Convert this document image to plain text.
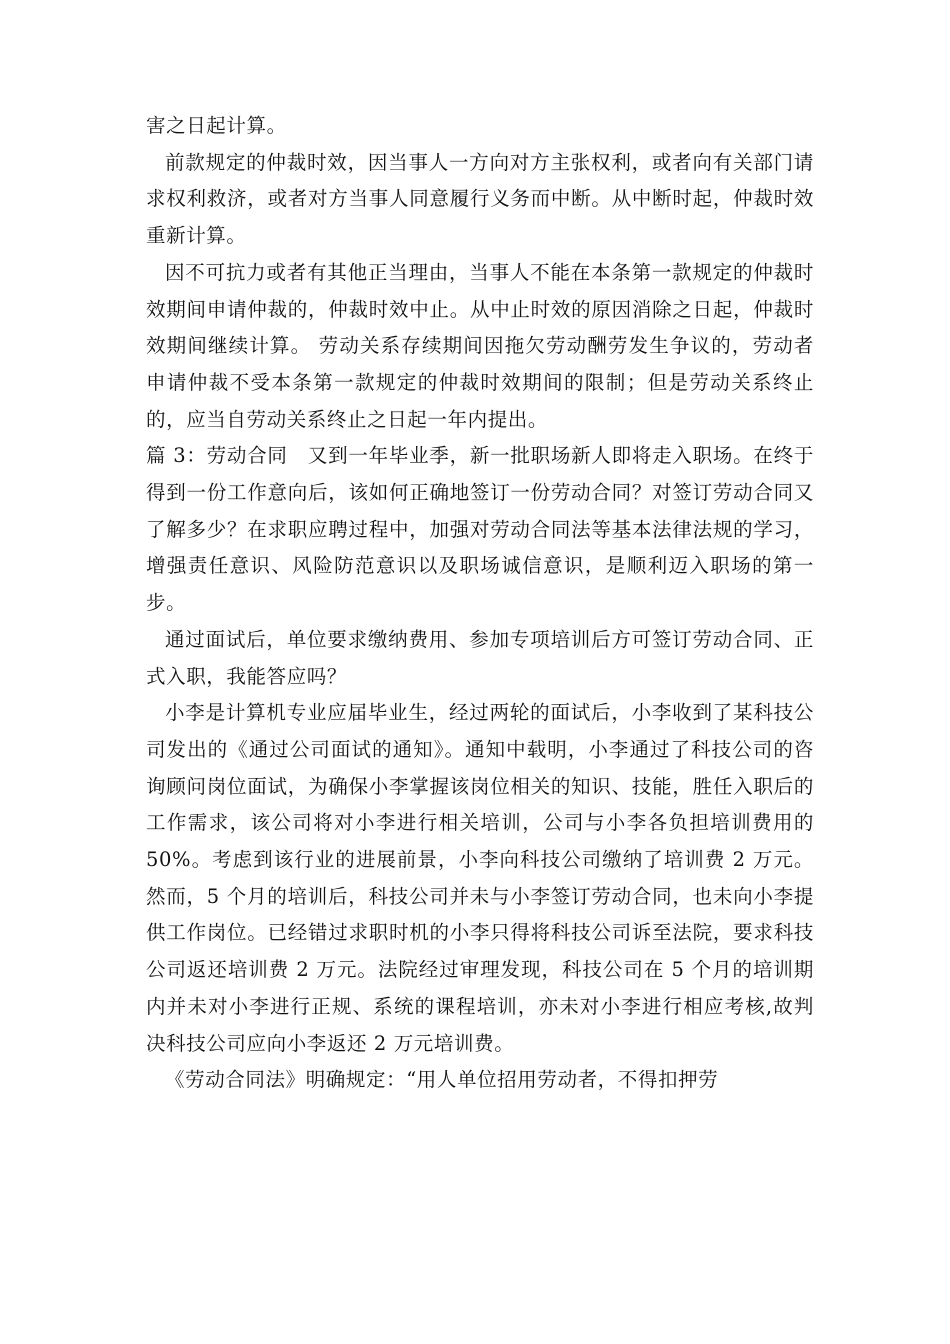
害之日起计算。

前款规定的仲裁时效，因当事人一方向对方主张权利，或者向有关部门请求权利救济，或者对方当事人同意履行义务而中断。从中断时起，仲裁时效重新计算。

因不可抗力或者有其他正当理由，当事人不能在本条第一款规定的仲裁时效期间申请仲裁的，仲裁时效中止。从中止时效的原因消除之日起，仲裁时效期间继续计算。 劳动关系存续期间因拖欠劳动酬劳发生争议的，劳动者申请仲裁不受本条第一款规定的仲裁时效期间的限制；但是劳动关系终止的，应当自劳动关系终止之日起一年内提出。

篇 3：劳动合同　又到一年毕业季，新一批职场新人即将走入职场。在终于得到一份工作意向后，该如何正确地签订一份劳动合同？对签订劳动合同又了解多少？在求职应聘过程中，加强对劳动合同法等基本法律法规的学习，增强责任意识、风险防范意识以及职场诚信意识，是顺利迈入职场的第一步。

通过面试后，单位要求缴纳费用、参加专项培训后方可签订劳动合同、正式入职，我能答应吗？

小李是计算机专业应届毕业生，经过两轮的面试后，小李收到了某科技公司发出的《通过公司面试的通知》。通知中载明，小李通过了科技公司的咨询顾问岗位面试，为确保小李掌握该岗位相关的知识、技能，胜任入职后的工作需求，该公司将对小李进行相关培训，公司与小李各负担培训费用的 50%。考虑到该行业的进展前景，小李向科技公司缴纳了培训费 2 万元。然而，5 个月的培训后，科技公司并未与小李签订劳动合同，也未向小李提供工作岗位。已经错过求职时机的小李只得将科技公司诉至法院，要求科技公司返还培训费 2 万元。法院经过审理发现，科技公司在 5 个月的培训期内并未对小李进行正规、系统的课程培训，亦未对小李进行相应考核,故判决科技公司应向小李返还 2 万元培训费。

《劳动合同法》明确规定：“用人单位招用劳动者，不得扣押劳
